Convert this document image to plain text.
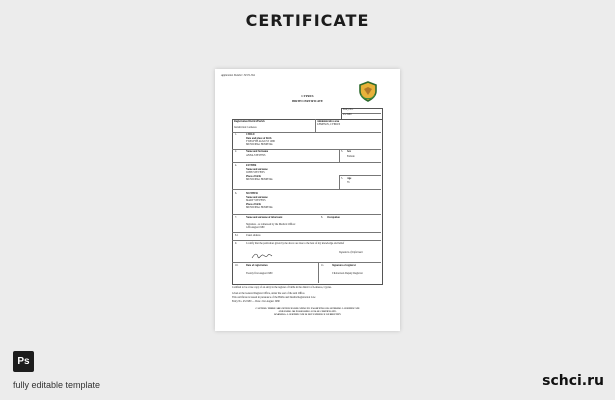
CERTIFICATE
Application Number: 34572-564
CYPRUS
BIRTH CERTIFICATE
Entry No.
45/1980
Registration District/Parish
Jurisdiction: Lemesos
Administrative area
LEMESOS, CYPRUS
1.	CHILD
Date and place of birth
TWELFTH AUGUST 1980
MUNICIPAL HOSPITAL
2.	Name and Surname
ANNA STEVENS
3. Sex
Female
4.	FATHER
Name and surname
JOHN STEVENS
Place of birth
MUNICIPAL HOSPITAL	5. Age
35
6.	MOTHER
Name and surname
MARY STEVENS
Place of birth
MUNICIPAL HOSPITAL
7.	Name and surname of informant	8. Occupation
Signature - as witnessed by the Medical Officer
12th August 1980
8.1	Usual address
9.	I certify that the particulars given by me above are true to the best of my knowledge and belief
Signature of Informant
10.	Date of registration
Twenty first August 1980
11.	Signature of registrar
J Robertson Deputy Registrar
Certified to be a true copy of an entry in the register of births in the district of Lemesos, Cyprus.
Given at the General Register Office, under the seal of the said Office.
This certificate is issued in pursuance of the Births and Deaths Registration Law.
Entry No. 45/1980 — Date: 21st August 1980
CAUTION: THERE ARE OFFENCES RELATING TO FALSIFYING OR ALTERING A CERTIFICATE
AND USING OR POSSESSING A FALSE CERTIFICATE.
WARNING: A CERTIFICATE IS NOT EVIDENCE OF IDENTITY
Ps
fully editable template	schci.ru
